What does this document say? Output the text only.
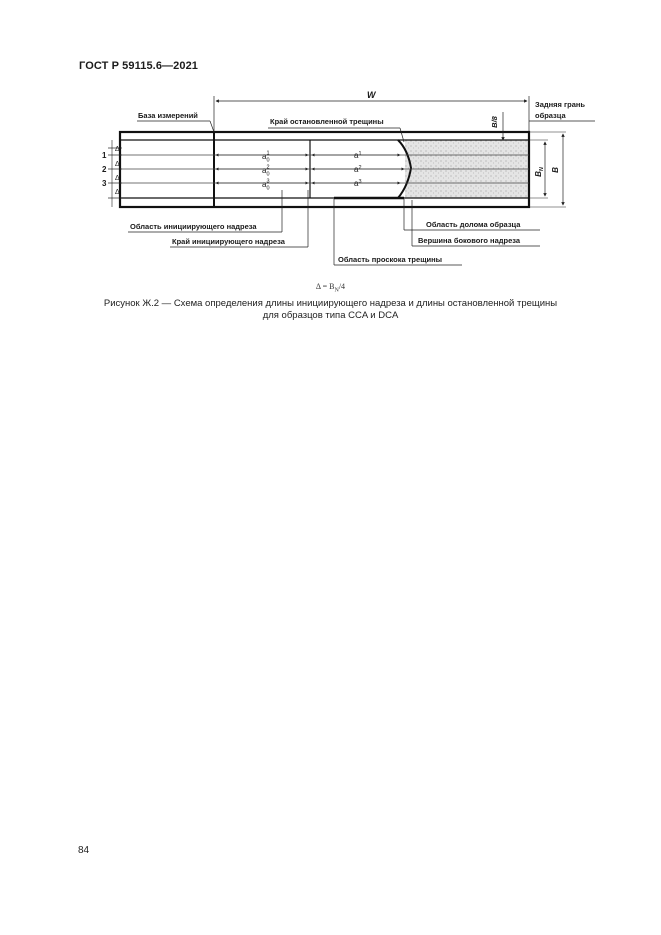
ГОСТ Р 59115.6—2021
$a_01$
$a_02$
$a_03$
$a^1$
$a^2$
$a^3$
1
2
3
Δ
Δ
Δ
Δ
W
B/8
$B_N$ B
База измерений
Край остановленной трещины
Задняя грань
образца
Область инициирующего надреза
Край инициирующего надреза
Область проскока трещины
Область долома образца
Вершина бокового надреза
$\Delta = B_N/4$
Рисунок Ж.2 — Схема определения длины инициирующего надреза и длины остановленной трещины
для образцов типа CCA и DCA
84
